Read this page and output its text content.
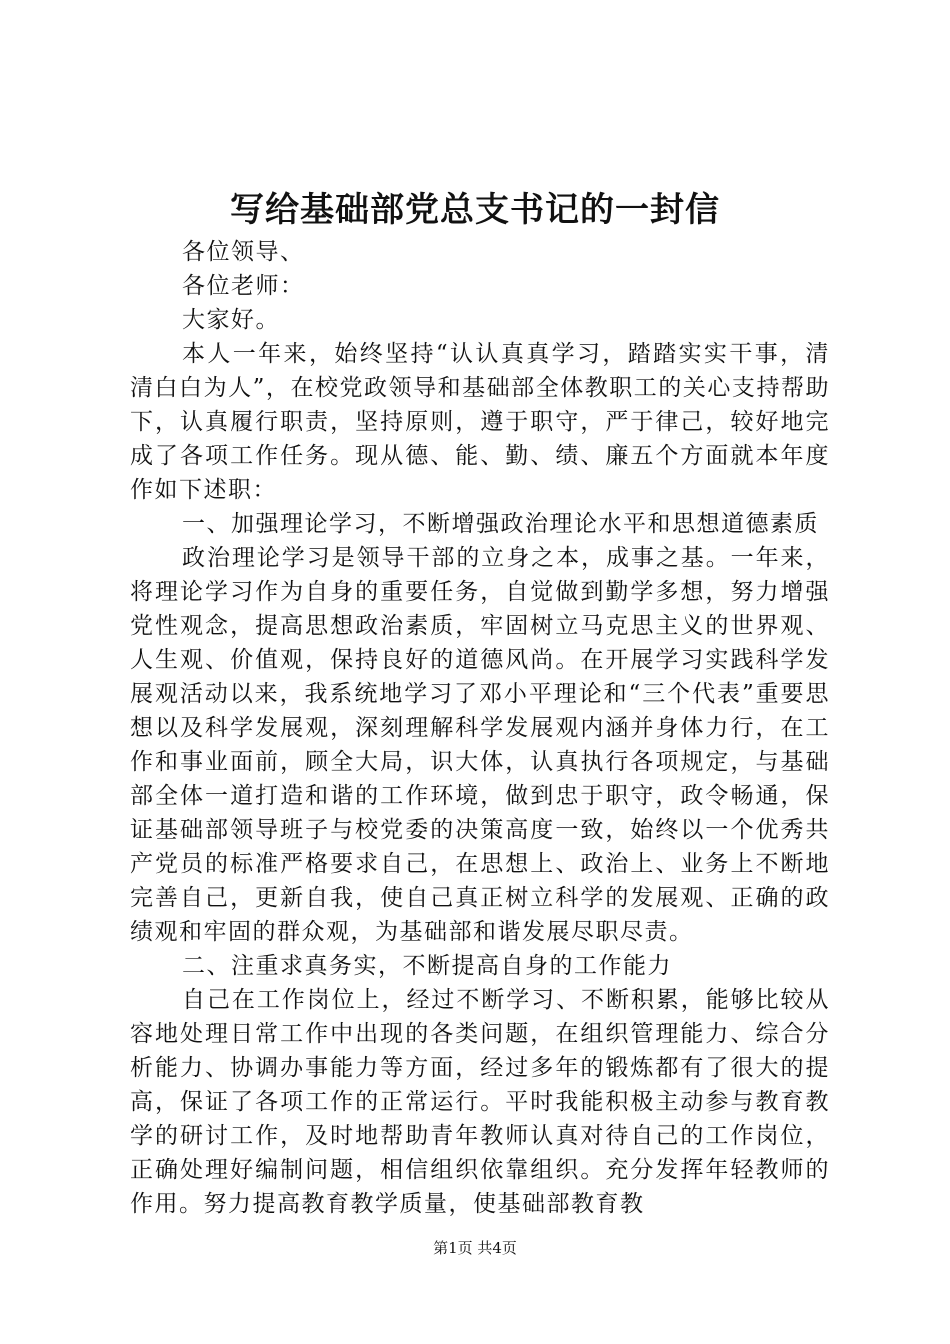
写给基础部党总支书记的一封信

各位领导、

各位老师：

大家好。

本人一年来，始终坚持“认认真真学习，踏踏实实干事，清清白白为人”，在校党政领导和基础部全体教职工的关心支持帮助下，认真履行职责，坚持原则，遵于职守，严于律己，较好地完成了各项工作任务。现从德、能、勤、绩、廉五个方面就本年度作如下述职：

一、加强理论学习，不断增强政治理论水平和思想道德素质

政治理论学习是领导干部的立身之本，成事之基。一年来，将理论学习作为自身的重要任务，自觉做到勤学多想，努力增强党性观念，提高思想政治素质，牢固树立马克思主义的世界观、人生观、价值观，保持良好的道德风尚。在开展学习实践科学发展观活动以来，我系统地学习了邓小平理论和“三个代表”重要思想以及科学发展观，深刻理解科学发展观内涵并身体力行，在工作和事业面前，顾全大局，识大体，认真执行各项规定，与基础部全体一道打造和谐的工作环境，做到忠于职守，政令畅通，保证基础部领导班子与校党委的决策高度一致，始终以一个优秀共产党员的标准严格要求自己，在思想上、政治上、业务上不断地完善自己，更新自我，使自己真正树立科学的发展观、正确的政绩观和牢固的群众观，为基础部和谐发展尽职尽责。

二、注重求真务实，不断提高自身的工作能力

自己在工作岗位上，经过不断学习、不断积累，能够比较从容地处理日常工作中出现的各类问题，在组织管理能力、综合分析能力、协调办事能力等方面，经过多年的锻炼都有了很大的提高，保证了各项工作的正常运行。平时我能积极主动参与教育教学的研讨工作，及时地帮助青年教师认真对待自己的工作岗位，正确处理好编制问题，相信组织依靠组织。充分发挥年轻教师的作用。努力提高教育教学质量，使基础部教育教

第1页 共4页
